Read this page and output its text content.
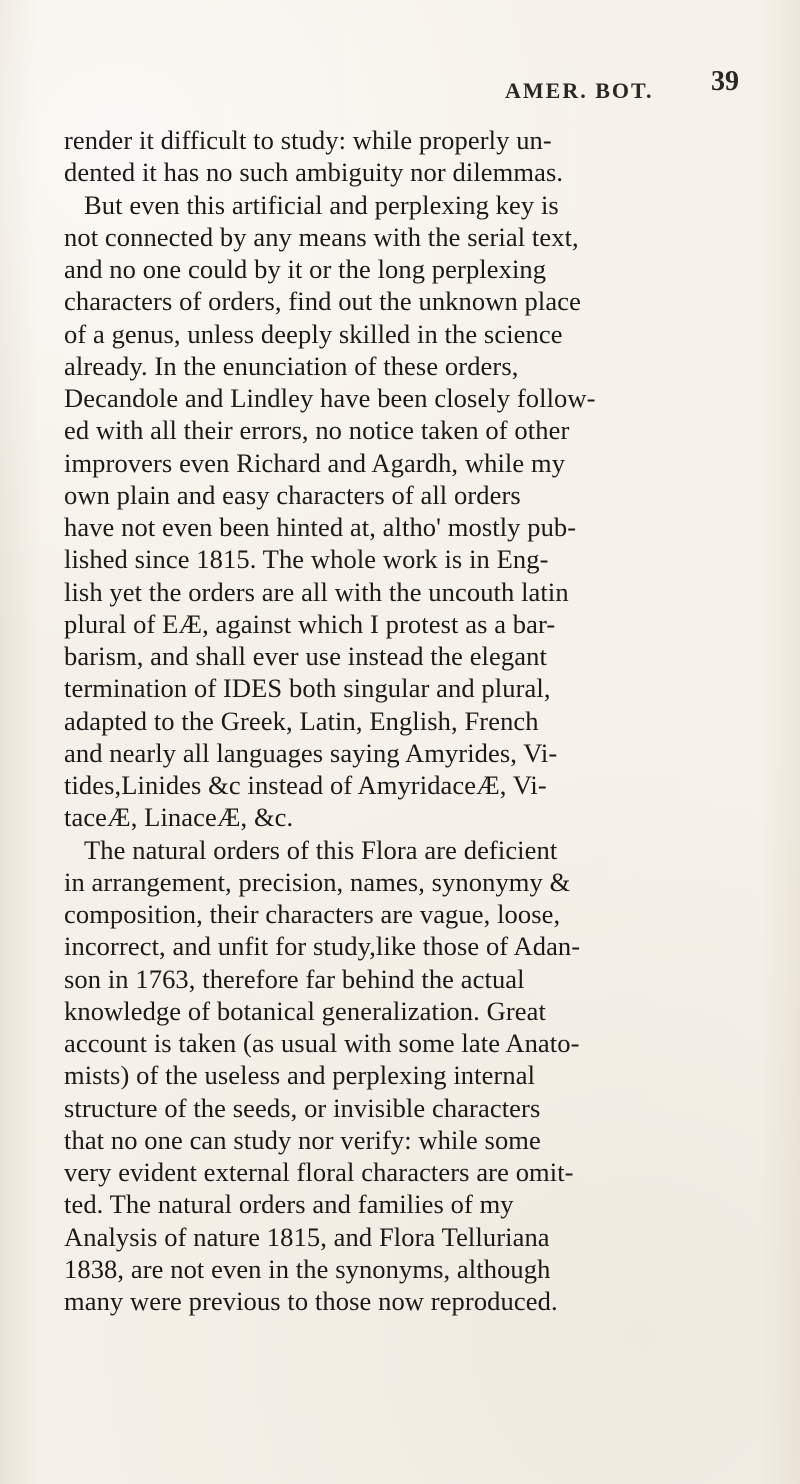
AMER. BOT. 39
render it difficult to study: while properly un-
dented it has no such ambiguity nor dilemmas.
But even this artificial and perplexing key is
not connected by any means with the serial text,
and no one could by it or the long perplexing
characters of orders, find out the unknown place
of a genus, unless deeply skilled in the science
already. In the enunciation of these orders,
Decandole and Lindley have been closely follow-
ed with all their errors, no notice taken of other
improvers even Richard and Agardh, while my
own plain and easy characters of all orders
have not even been hinted at, altho' mostly pub-
lished since 1815. The whole work is in Eng-
lish yet the orders are all with the uncouth latin
plural of EÆ, against which I protest as a bar-
barism, and shall ever use instead the elegant
termination of IDES both singular and plural,
adapted to the Greek, Latin, English, French
and nearly all languages saying Amyrides, Vi-
tides,Linides &c instead of AmyridaceÆ, Vi-
taceÆ, LinaceÆ, &c.
The natural orders of this Flora are deficient
in arrangement, precision, names, synonymy &
composition, their characters are vague, loose,
incorrect, and unfit for study,like those of Adan-
son in 1763, therefore far behind the actual
knowledge of botanical generalization. Great
account is taken (as usual with some late Anato-
mists) of the useless and perplexing internal
structure of the seeds, or invisible characters
that no one can study nor verify: while some
very evident external floral characters are omit-
ted. The natural orders and families of my
Analysis of nature 1815, and Flora Telluriana
1838, are not even in the synonyms, although
many were previous to those now reproduced.
